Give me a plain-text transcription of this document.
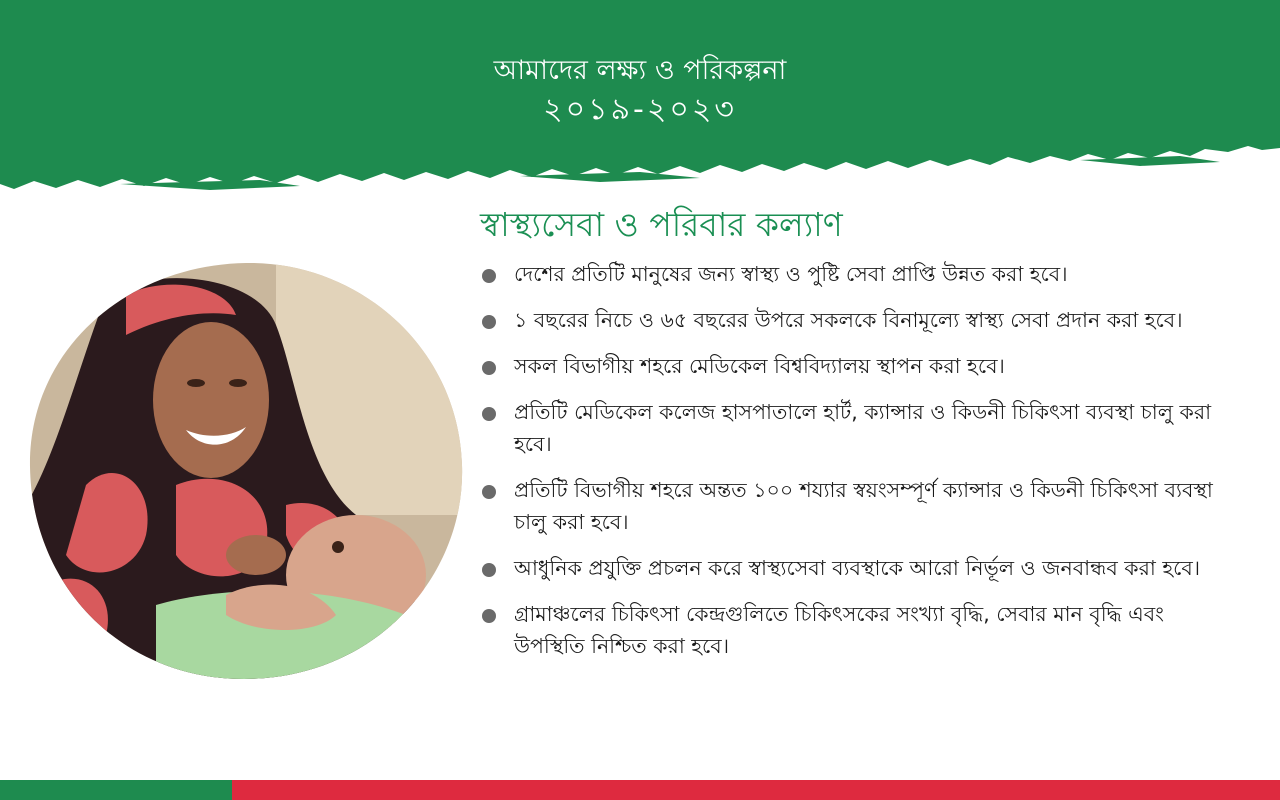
আমাদের লক্ষ্য ও পরিকল্পনা
২০১৯-২০২৩
স্বাস্থ্যসেবা ও পরিবার কল্যাণ
দেশের প্রতিটি মানুষের জন্য স্বাস্থ্য ও পুষ্টি সেবা প্রাপ্তি উন্নত করা হবে।
১ বছরের নিচে ও ৬৫ বছরের উপরে সকলকে বিনামূল্যে স্বাস্থ্য সেবা প্রদান করা হবে।
সকল বিভাগীয় শহরে মেডিকেল বিশ্ববিদ্যালয় স্থাপন করা হবে।
প্রতিটি মেডিকেল কলেজ হাসপাতালে হার্ট, ক্যান্সার ও কিডনী চিকিৎসা ব্যবস্থা চালু করা হবে।
প্রতিটি বিভাগীয় শহরে অন্তত ১০০ শয্যার স্বয়ংসম্পূর্ণ ক্যান্সার ও কিডনী চিকিৎসা ব্যবস্থা চালু করা হবে।
আধুনিক প্রযুক্তি প্রচলন করে স্বাস্থ্যসেবা ব্যবস্থাকে আরো নির্ভূল ও জনবান্ধব করা হবে।
গ্রামাঞ্চলের চিকিৎসা কেন্দ্রগুলিতে চিকিৎসকের সংখ্যা বৃদ্ধি, সেবার মান বৃদ্ধি এবং উপস্থিতি নিশ্চিত করা হবে।
